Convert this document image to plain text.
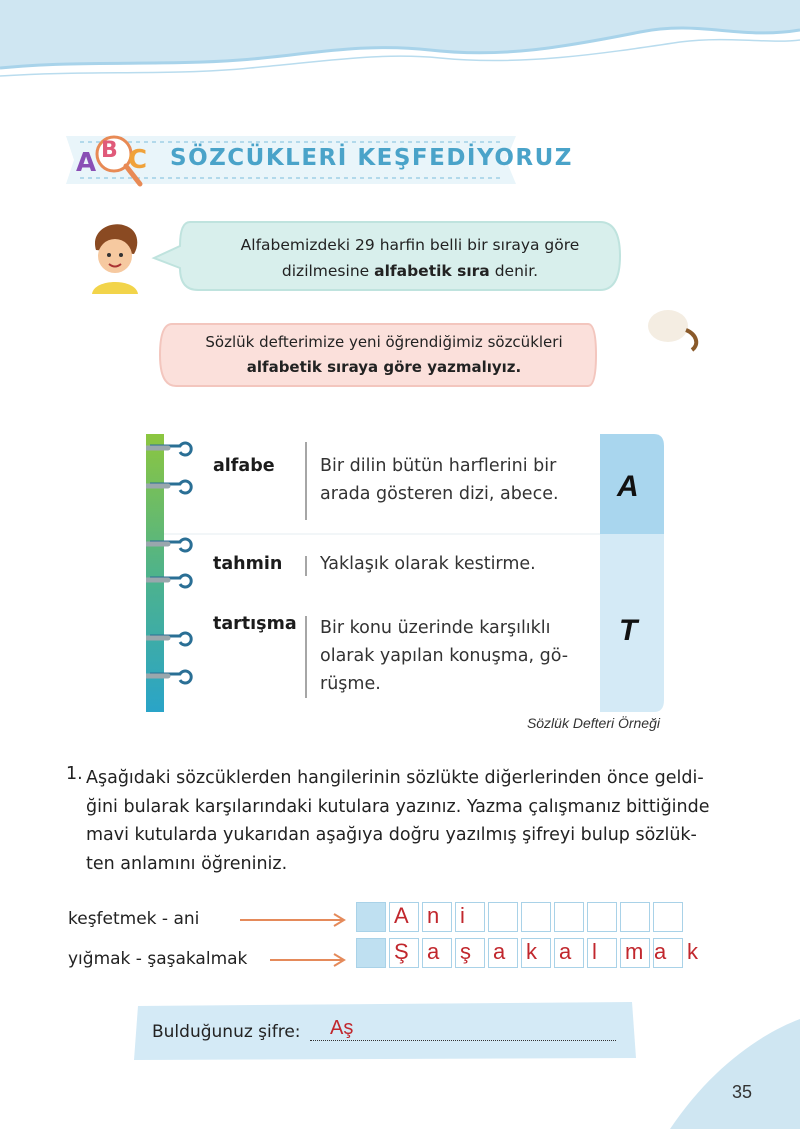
A B C SÖZCÜKLERİ KEŞFEDİYORUZ
Alfabemizdeki 29 harfin belli bir sıraya göre
dizilmesine alfabetik sıra denir.
Sözlük defterimize yeni öğrendiğimiz sözcükleri
alfabetik sıraya göre yazmalıyız.
alfabe	Bir dilin bütün harflerini bir
arada gösteren dizi, abece.
tahmin Yaklaşık olarak kestirme.
tartışma Bir konu üzerinde karşılıklı
olarak yapılan konuşma, gö-
rüşme.
A
T
Sözlük Defteri Örneği
1. Aşağıdaki sözcüklerden hangilerinin sözlükte diğerlerinden önce geldi-
ğini bularak karşılarındaki kutulara yazınız. Yazma çalışmanız bittiğinde
mavi kutularda yukarıdan aşağıya doğru yazılmış şifreyi bulup sözlük-
ten anlamını öğreniniz.
keşfetmek - ani
yığmak - şaşakalmak
A n i
Ş a ş a k a l m a k
Bulduğunuz şifre: Aş
35
